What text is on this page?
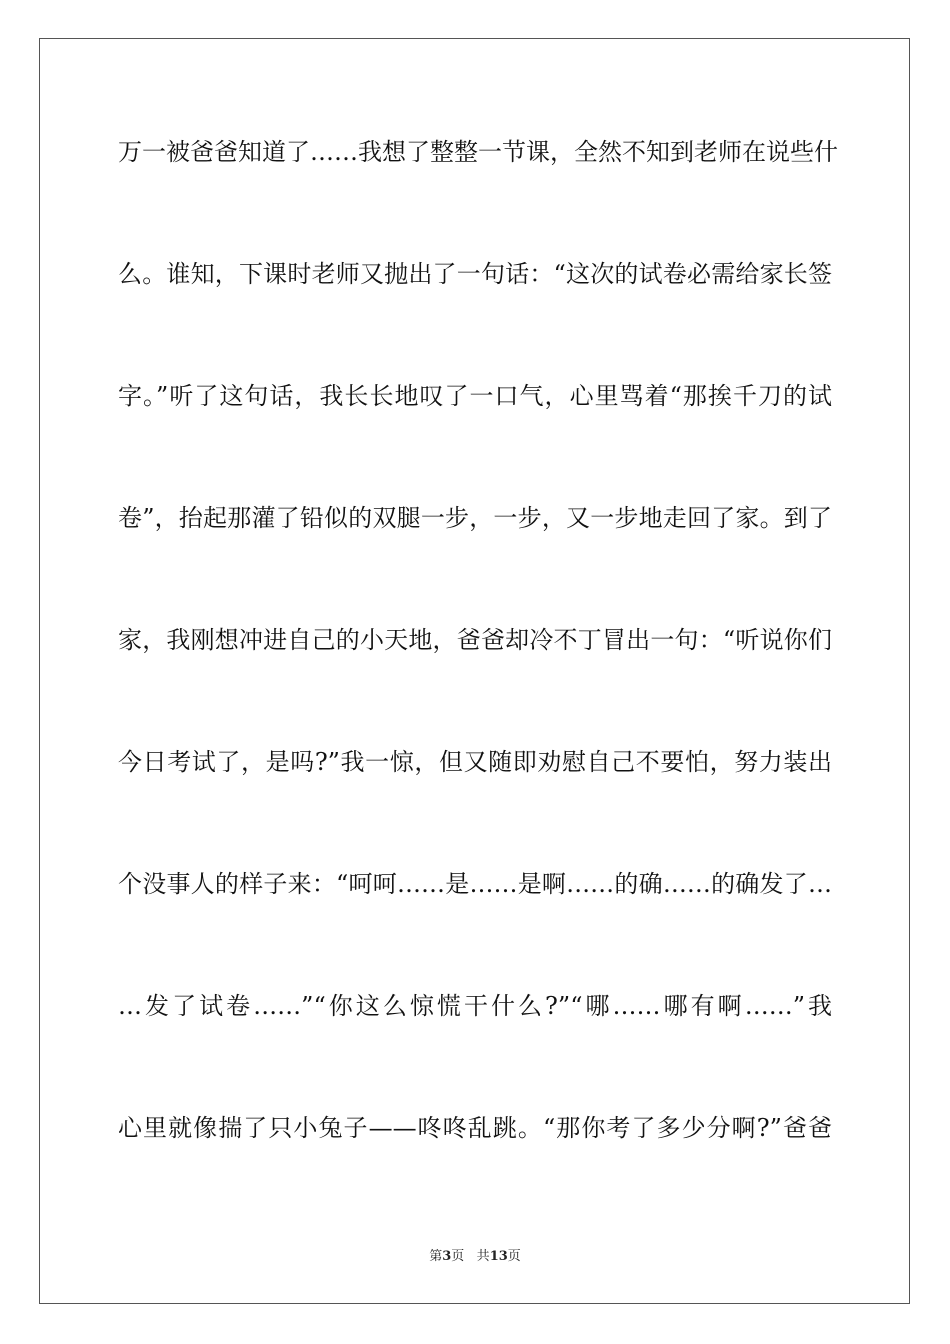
万一被爸爸知道了……我想了整整一节课，全然不知到老师在说些什
么。谁知，下课时老师又抛出了一句话：“这次的试卷必需给家长签
字。”听了这句话，我长长地叹了一口气，心里骂着“那挨千刀的试
卷”，抬起那灌了铅似的双腿一步，一步，又一步地走回了家。到了
家，我刚想冲进自己的小天地，爸爸却冷不丁冒出一句：“听说你们
今日考试了，是吗?”我一惊，但又随即劝慰自己不要怕，努力装出
个没事人的样子来：“呵呵……是……是啊……的确……的确发了…
…发了试卷……”“你这么惊慌干什么?”“哪……哪有啊……”我
心里就像揣了只小兔子——咚咚乱跳。“那你考了多少分啊?”爸爸
第3页 共13页
